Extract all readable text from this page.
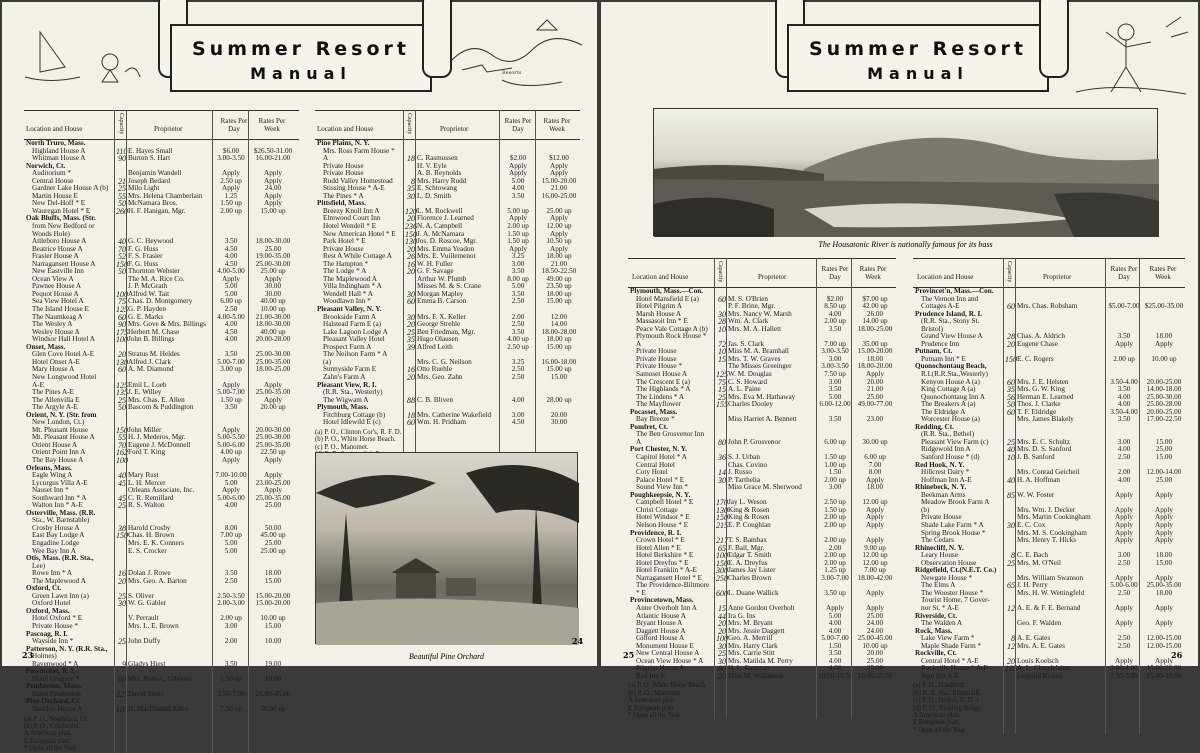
Summer Resort
Manual	Resorts
Location and House	Capacity	Proprietor
Rates Per Day
Rates Per Week
North Truro, Mass.
Highland House A	110 E. Hayes Small	$6.00	$26.50-31.00
Whitman House A	90 Burton S. Hart	3.00-3.50	16.00-21.00
Norwich, Ct.
Auditorium *	Benjamin Wandell	Apply	Apply
Central House	21 Joseph Bedard	2.50 up	Apply
Gardner Lake House A (b)	25 Milo Light	Apply	24.00
Martin House E	55 Mrs. Helena Chamberlain	1.25	Apply
New Del-Hoff * E	50 McNamara Bros.	1.50 up	Apply
Wauregan Hotel * E	260 H. F. Hanigan, Mgr.	2.00 up	15.00 up
Oak Bluffs, Mass. (Str.
from New Bedford or
Woods Hole)
Attleboro House A	40 G. C. Heywood	3.50	18.00-30.00
Beatrice House A	70 F. G. Huss	4.50	25.00
Frasier House A	52 F. S. Frasier	4.00	19.00-35.00
Narragansett House A	150 F. G. Huss	4.50	25.00-30.00
New Eastville Inn	50 Thornton Webster	4.00-5.00	25.00 up
Ocean View A	The M. A. Rice Co.	Apply	Apply
Pawnee House A	J. P. McGrath	5.00	30.00
Pequot House A	100 Alfred W. Tait	5.00	30.00
Sea View Hotel A	75 Chas. D. Montgomery	6.00 up	40.00 up
The Island House E	125 G. P. Hayden	2.50	10.00 up
The Naumkeag A	60 G. E. Marks	4.00-5.00	21.00-30.00
The Wesley A	90 Mrs. Gove & Mrs. Billings	4.00	18.00-30.00
Wesley House A	175 Herbert M. Chase	4.50	40.00 up
Windsor Hall Hotel A	100 John B. Billings	4.00	20.00-28.00
Onset, Mass.
Glen Cove Hotel A-E	20 Stratus M. Heldes	3.50	25.00-30.00
Hotel Onset A-E	130 Alfred J. Clark	5.00-7.00	25.00-35.00
Mary House A	60 A. M. Diamond	3.00 up	18.00-25.00
New Longwood Hotel
A-E	125 Emil L. Loeb	Apply	Apply
The Pines A-E	135 J. E. Willey	5.00-7.00	25.00-35.00
The Allenvilla E	25 Mrs. Chas. E. Allen	1.50 up	Apply
The Argyle A-E	50 Bascom & Puddington	3.50	20.00 up
Orient, N. Y. (Str. from
New London, Ct.)
Mt. Pleasant House	150 John Miller	Apply	20.00-30.00
Mt. Pleasant House A	55 H. J. Mederos, Mgr.	5.00-5.50	25.00-30.00
Orient House A	70 Eugene J. McDonnell	5.00-6.00	25.00-35.00
Orient Point Inn A	162 Ford T. King	4.00 up	22.50 up
The Bay House A	100	Apply	Apply
Orleans, Mass.
Eagle Wing A	40 Mary Rust	7.00-10.00	Apply
Lycurgus Villa A-E	45 L. H. Mercer	5.00	23.00-25.00
Nauset Inn *	Orleans Associate, Inc.	Apply	Apply
Southward Inn * A	45 C. R. Remillard	5.00-6.00	25.00-35.00
Walton Inn * A-E	25 R. S. Walton	4.00	25.00
Osterville, Mass. (R.R.
Sta., W. Barnstable)
Crosby House A	38 Harold Crosby	8.00	50.00
East Bay Lodge A	150 Chas. H. Brown	7.00 up	45.00 up
Engadine Lodge	Mrs. E. K. Conners	5.00	25.00
Wee Bay Inn A	E. S. Crocker	5.00	25.00 up
Otis, Mass. (R.R. Sta.,
Lee)
Rowe Inn * A	16 Dolan J. Rowe	3.50	18.00
The Maplewood A	20 Mrs. Geo. A. Barton	2.50	15.00
Oxford, Ct.
Green Lawn Inn (a)	25 S. Oliver	2.50-3.50	15.00-20.00
Oxford Hotel	30 W. G. Gabler	2.00-3.00	15.00-20.00
Oxford, Mass.
Hotel Oxford * E	V. Perrault	2.00 up	10.00 up
Private House *	Mrs. L. E. Brown	3.00	15.00
Pascoag, R. I.
Wayside Inn *	25 John Duffy	2.00	10.00
Patterson, N. Y. (R.R. Sta.,
Holmes)
Ravenwood * A	9 Gladys Hiest	3.50	19.00
Pawtucket, R. I.
Hotel Gregson *	60 Mrs. Ruth A. Gibbons	1.50 up	10.00
Pemberton, Mass.
Hotel Pemberton	225 David Stone	3.50-7.00	21.00-45.00
Pine Orchard, Ct.
Sheldon House A	105 H. MacDonald Allen	7.50 up	50.00 up
(a) P. O., Southford, Ct.
(b) P. O., Colchester.
A American plan.
E European plan.
* Open all the Year
Location and House	Capacity	Proprietor
Rates Per Day
Rates Per Week
Pine Plains, N. Y.
Mrs. Ross Farm House *
A	18 C. Rasmussen	$2.00	$12.00
Private House	H. V. Eyle	Apply	Apply
Private House	A. B. Reynolds	Apply	Apply
Rudd Valley Homestead	8 Mrs. Harry Rudd	5.00	15.00-20.00
Stissing House * A-E	35 E. Schtowang	4.00	21.00
The Pines * A	30 L. D. Smith	3.50	16.00-25.00
Pittsfield, Mass.
Breezy Knoll Inn A	120 L. M. Rockwell	5.00 up	25.00 up
Elmwood Court Inn	20 Florence J. Learned	Apply	Apply
Hotel Wendell * E	236 N. A. Campbell	2.00 up	12.00 up
New American Hotel * E	150 J. A. McNamara	1.50 up	Apply
Park Hotel * E	130 Jos. D. Roscoe, Mgr.	1.50 up	10.50 up
Private House	20 Mrs. Emma Yeadon	Apply	Apply
Rest A While Cottage A	26 Mrs. E. Vuillemenot	3.25	18.00 up
The Hampton *	16 W. H. Fuller	3.00	21.00
The Lodge * A	20 G. F. Savage	3.50	18.50-22.50
The Maplewood A	Arthur W. Plumb	8.00 up	49.00 up
Villa Indingham * A	Misses M. & S. Crane	5.00	23.50 up
Wendell Hall * A	30 Morgan Mapley	3.50	18.00 up
Woodlawn Inn *	60 Emma B. Carson	2.50	15.00 up
Pleasant Valley, N. Y.
Brookside Farm A	30 Mrs. F. X. Keller	2.00	12.00
Halstead Farm E (a)	20 George Strehle	2.50	14.00
Lake Lagoon Lodge A	25 Ben Friedman, Mgr.	3.50	18.00-28.00
Pleasant Valley Hotel	35 Hugo Olausen	4.00 up	18.00 up
Prospect Farm A	39 Alfred Leith	2.50 up	15.00 up
The Neilson Farm * A
(a)	Mrs. C. G. Neilson	3.25	16.00-18.00
Sunnyside Farm E	16 Otto Ruehle	2.50	15.00 up
Zahn's Farm A	20 Mrs. Geo. Zahn	2.50	15.00
Pleasant View, R. I.
(R.R. Sta., Westerly)
The Wigwam A	88 C. B. Bliven	4.00	28.00 up
Plymouth, Mass.
Fitchburg Cottage (b)	18 Mrs. Catherine Wakefield	3.00	20.00
Hotel Idlewild E (c)	60 Wm. H. Pridham	4.50	30.00
(a) P. O., Clinton Cor's, R. F. D.
(b) P. O., White Horse Beach.
(c) P. O., Manomet.
Beautiful Pine Orchard
23
24
Summer Resort
Manual
The Housatonic River is nationally famous for its bass
Location and House	Capacity	Proprietor
Rates Per Day
Rates Per Week
Plymouth, Mass.—Con.
Hotel Mansfield E (a)	60 M. S. O'Brien	$2.00	$7.00 up
Hotel Pilgrim A	P. F. Brine, Mgr.	8.50 up	42.00 up
Marsh House A	30 Mrs. Nancy W. Marsh	4.00	26.00
Massasoit Inn * E	28 Wm. A. Clark	2.00 up	14.00 up
Peace Vale Cottage A (b)	10 Mrs. M. A. Hallett	3.50	18.00-25.00
Plymouth Rock House *
A	72 Jas. S. Clark	7.00 up	35.00 up
Private House	10 Miss M. A. Bramhall	3.00-3.50	15.00-20.00
Private House	15 Mrs. T. W. Graves	3.00	18.00
Private House *	The Misses Greeinger	3.00-3.50	18.00-20.00
Samoset House A	125 W. M. Douglas	7.50 up	Apply
The Crescent E (a)	75 C. S. Howard	3.00	20.00
The Highlands * A	15 A. L. Paine	3.50	21.00
The Lindens * A	25 Mrs. Eva M. Hathaway	5.00	25.00
The Mayflower	155 Charles Dooley	6.00-12.00 49.00-77.00
Pocasset, Mass.
Bay Breeze *	Miss Harriet A. Bennett	3.50	23.00
Pomfret, Ct.
The Ben Grosvenor Inn
A	80 John P. Grosvenor	6.00 up	30.00 up
Port Chester, N. Y.
Capitol Hotel * A	36 S. J. Urban	1.50 up	6.00 up
Central Hotel	Chas. Covino	1.00 up	7.00
Coty Hotel	14 J. Russo	1.50	8.00
Palace Hotel * E	30 P. Tarthelia	2.00 up	Apply
Sound View Inn *	Miss Grace M. Sherwood	3.00	18.00
Poughkeepsie, N. Y.
Campbell Hotel * E	170 Jay L. Weson	2.50 up	12.00 up
Christ Cottage	130 King & Rosen	1.50 up	Apply
Hotel Windsor * E	150 King & Rosen	2.00 up	Apply
Nelson House * E	215 E. P. Coughlan	2.00 up	Apply
Providence, R. I.
Crown Hotel * E	217 T. S. Bambax	2.00 up	Apply
Hotel Allen * E	65 F. Ball, Mgr.	2.00	9.00 up
Hotel Berkshire * E	100 Edgar T. Smith	2.00 up	12.00 up
Hotel Dreyfus * E	150 E. A. Dreyfus	2.00 up	12.00 up
Hotel Franklin * A-E	300 James Jay Lister	1.25 up	7.00 up
Narragansett Hotel * E	250 Charles Brown	3.00-7.00	18.00-42.00
The Providence-Biltmore
* E	600 L. Duane Wallick	3.50 up	Apply
Provincetown, Mass.
Anne Overholt Inn A	15 Anne Gordon Overholt	Apply	Apply
Atlantic House A	44 Ira G. Ins	5.00	25.00
Bryant House A	20 Mrs. M. Bryant	4.00	24.00
Daggett House A	20 Mrs. Jessie Daggett	4.00	24.00
Gifford House A	100 Geo. A. Merrill	5.00-7.00	25.00-45.00
Monument House E	30 Mrs. Harry Clark	1.50	10.00 up
New Central House A	25 Mrs. Carrie Stitt	3.50	20.00
Ocean View House * A	30 Mrs. Matilda M. Perry	4.00	25.00
Pilgrim House A	80 H. L. Eastman	4.00	25.00
Red Inn E	20 Miss M. Wilkinson	10.00-10.50 10.00-25.00
(a) P. O. White Horse Beach.
(b) P. O., Manomet
A American plan.
E European plan.
* Open all the Year
Location and House	Capacity	Proprietor
Rates Per Day
Rates Per Week
Provincet'n, Mass.—Con.
The Vernon Inn and
Cottages A-E	60 Mrs. Chas. Robsham	$5.00-7.00 $25.00-35.00
Prudence Island, R. I.
(R.R. Sta., Stony St.
Bristol)
Grand View House A	28 Chas. A. Aldrich	3.50	18.00
Prudence Inn	20 Eugene Chase	Apply	Apply
Putnam, Ct.
Putnam Inn * E	150 E. C. Rogers	2.00 up	10.00 up
Quonochontaug Beach,
R.I.(R.R.Sta.,Westerly)
Kenyon House A (a)	60 Mrs. J. E. Helsten	3.50-4.00	20.00-25.00
King Cottage A (a)	35 Mrs. G. W. King	3.50	14.00-18.00
Quonochontaug Inn A	56 Herman E. Learned	4.00	25.00-30.00
The Breakers A (a)	50 Thos. J. Clarke	4.00	25.00-28.00
The Eldridge A	60 T. F. Eldridge	3.50-4.00	20.00-25.00
Worcester House (a)	Mrs. James Blakely	3.50	17.00-22.50
Redding, Ct.
(R.R. Sta., Bethel)
Pleasant View Farm (c)	25 Mrs. E. C. Schultz	3.00	15.00
Ridgewold Inn A	40 Mrs. D. S. Sanford	4.00	25.00
Sanford House * (d)	10 J. B. Sanford	2.50	15.00
Red Hook, N. Y.
Hillcrest Dairy *	Mrs. Conrad Geicheil	2.00	12.00-14.00
Hoffman Inn A-E	40 H. A. Hoffman	4.00	25.00
Rhinebeck, N. Y.
Beekman Arms	85 W. W. Foster	Apply	Apply
Meadow Brook Farm A
(b)	Mrs. Wm. J. Decker	Apply	Apply
Private House	Mrs. Martin Cookingham	Apply	Apply
Shade Lake Farm * A	30 E. C. Cox	Apply	Apply
Spring Brook House *	Mrs. M. S. Cookingham	Apply	Apply
The Cedars	Mrs. Henry T. Hicks	Apply	Apply
Rhinecliff, N. Y.
Leary House	8 C. E. Bach	3.00	18.00
Observation House	25 Mrs. M. O'Neil	2.50	15.00
Ridgefield, Ct.(N.E.T. Co.)
Newgate House *	Mrs. William Swanson	Apply	Apply
The Elms A	65 J. H. Perry	5.00-6.00	25.00-35.00
The Wooster House *	Mrs. H. W. Wettingfeld	2.50	18.00
Tourist Home, 7 Gover-
nor St. * A-E	12 A. E. & F. E. Bernand	Apply	Apply
Riverside, Ct.
The Walden A	Geo. F. Walden	Apply	Apply
Rock, Mass.
Lake View Farm *	8 A. E. Gates	2.50	12.00-15.00
Maple Shade Farm *	12 Mrs. A. E. Gates	2.50	12.00-15.00
Rockville, Ct.
Central Hotel * A-E	20 Louis Koelsch	Apply	Apply
Rockville House * A-E	125 A. L. Chapdelaine	3.00-4.00	15.00-20.00
Sign Inn A-E	Leopold Krause	2.50-3.00	15.00-18.00
(a) P. O., Bradford.
(b) R. R. Sta., Rhinecliff.
(c) P. O., Bethel, R. D. 1
(d) P. O., Redding Ridge.
A American plan.
E European plan.
* Open all the Year
25	26
